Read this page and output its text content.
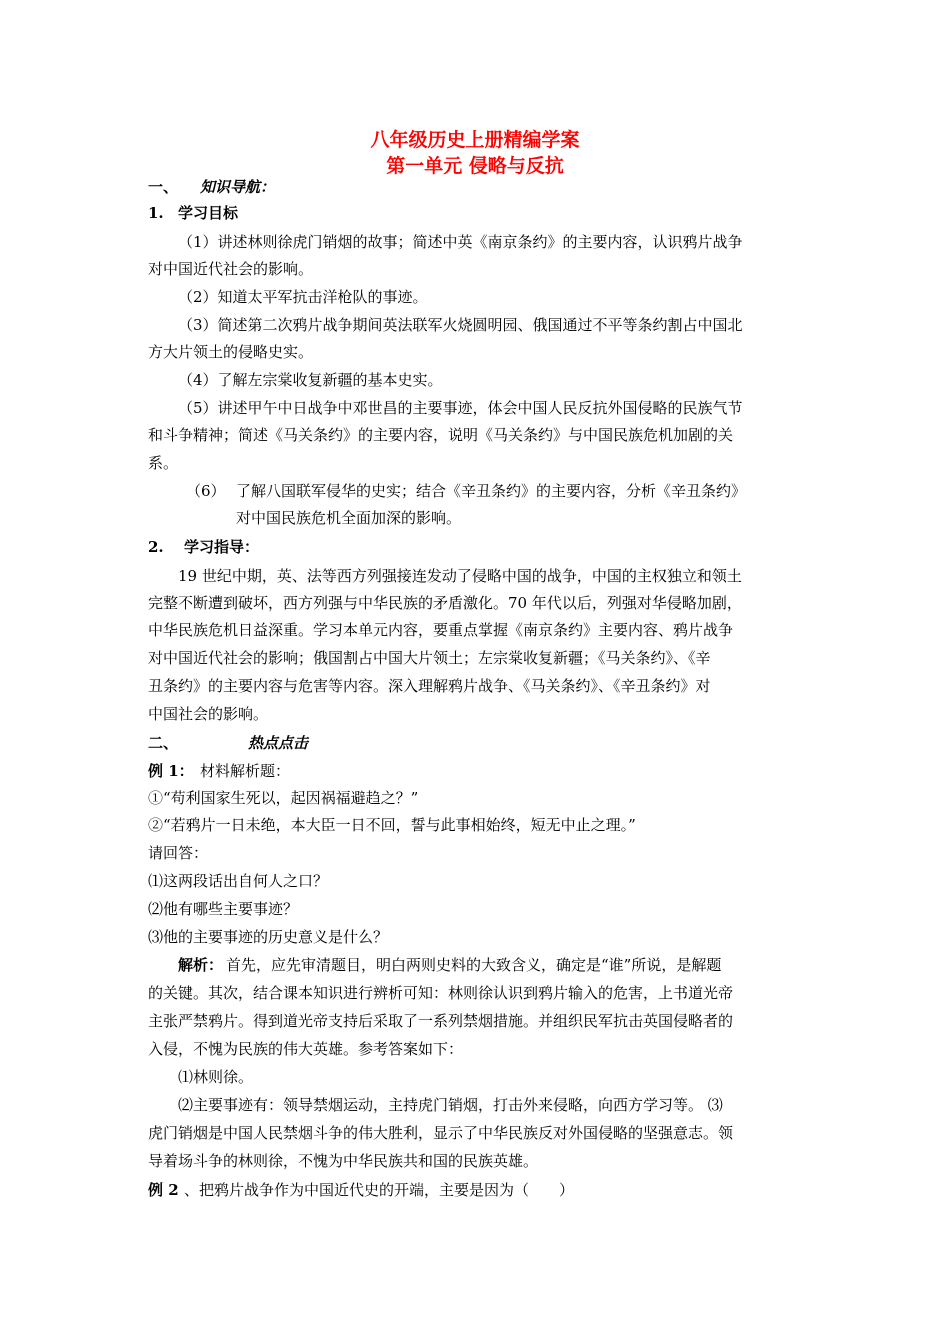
八年级历史上册精编学案
第一单元 侵略与反抗
一、 知识导航：
1. 学习目标
（1）讲述林则徐虎门销烟的故事；简述中英《南京条约》的主要内容，认识鸦片战争
对中国近代社会的影响。
（2）知道太平军抗击洋枪队的事迹。
（3）简述第二次鸦片战争期间英法联军火烧圆明园、俄国通过不平等条约割占中国北
方大片领土的侵略史实。
（4）了解左宗棠收复新疆的基本史实。
（5）讲述甲午中日战争中邓世昌的主要事迹，体会中国人民反抗外国侵略的民族气节
和斗争精神；简述《马关条约》的主要内容，说明《马关条约》与中国民族危机加剧的关
系。
（6） 了解八国联军侵华的史实；结合《辛丑条约》的主要内容，分析《辛丑条约》
对中国民族危机全面加深的影响。
2. 学习指导：
19 世纪中期，英、法等西方列强接连发动了侵略中国的战争，中国的主权独立和领土
完整不断遭到破坏，西方列强与中华民族的矛盾激化。70 年代以后，列强对华侵略加剧，
中华民族危机日益深重。学习本单元内容，要重点掌握《南京条约》主要内容、鸦片战争
对中国近代社会的影响；俄国割占中国大片领土；左宗棠收复新疆；《马关条约》、《辛
丑条约》的主要内容与危害等内容。深入理解鸦片战争、《马关条约》、《辛丑条约》对
中国社会的影响。
二、	热点点击
例 1： 材料解析题：
①“苟利国家生死以，起因祸福避趋之？”
②“若鸦片一日未绝，本大臣一日不回，誓与此事相始终，短无中止之理。”
请回答：
⑴这两段话出自何人之口？
⑵他有哪些主要事迹？
⑶他的主要事迹的历史意义是什么？
解析： 首先，应先审清题目，明白两则史料的大致含义，确定是“谁”所说，是解题
的关键。其次，结合课本知识进行辨析可知：林则徐认识到鸦片输入的危害，上书道光帝
主张严禁鸦片。得到道光帝支持后采取了一系列禁烟措施。并组织民军抗击英国侵略者的
入侵，不愧为民族的伟大英雄。参考答案如下：
⑴林则徐。
⑵主要事迹有：领导禁烟运动，主持虎门销烟，打击外来侵略，向西方学习等。 ⑶
虎门销烟是中国人民禁烟斗争的伟大胜利，显示了中华民族反对外国侵略的坚强意志。领
导着场斗争的林则徐，不愧为中华民族共和国的民族英雄。
例 2 、把鸦片战争作为中国近代史的开端，主要是因为（　　）
